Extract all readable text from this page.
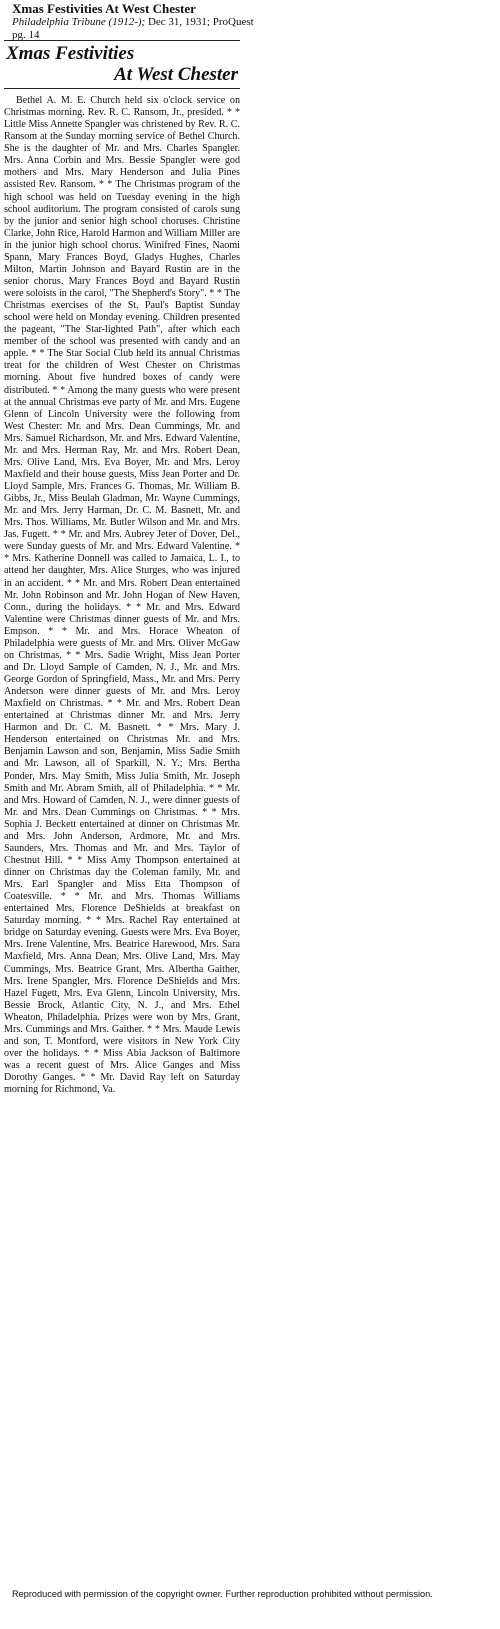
Xmas Festivities At West Chester
Philadelphia Tribune (1912-); Dec 31, 1931; ProQuest
pg. 14
Xmas Festivities
At West Chester

Bethel A. M. E. Church held six o'clock service on Christmas morning. Rev. R. C. Ransom, Jr., presided. * * Little Miss Annette Spangler was christened by Rev. R. C. Ransom at the Sunday morning service of Bethel Church. She is the daughter of Mr. and Mrs. Charles Spangler. Mrs. Anna Corbin and Mrs. Bessie Spangler were god mothers and Mrs. Mary Henderson and Julia Pines assisted Rev. Ransom. * * The Christmas program of the high school was held on Tuesday evening in the high school auditorium. The program consisted of carols sung by the junior and senior high school choruses. Christine Clarke, John Rice, Harold Harmon and William Miller are in the junior high school chorus. Winifred Fines, Naomi Spann, Mary Frances Boyd, Gladys Hughes, Charles Milton, Martin Johnson and Bayard Rustin are in the senior chorus. Mary Frances Boyd and Bayard Rustin were soloists in the carol, "The Shepherd's Story". * * The Christmas exercises of the St. Paul's Baptist Sunday school were held on Monday evening. Children presented the pageant, "The Star-lighted Path", after which each member of the school was presented with candy and an apple. * * The Star Social Club held its annual Christmas treat for the children of West Chester on Christmas morning. About five hundred boxes of candy were distributed. * * Among the many guests who were present at the annual Christmas eve party of Mr. and Mrs. Eugene Glenn of Lincoln University were the following from West Chester: Mr. and Mrs. Dean Cummings, Mr. and Mrs. Samuel Richardson, Mr. and Mrs. Edward Valentine, Mr. and Mrs. Herman Ray, Mr. and Mrs. Robert Dean, Mrs. Olive Land, Mrs. Eva Boyer, Mr. and Mrs. Leroy Maxfield and their house guests, Miss Jean Porter and Dr. Lloyd Sample, Mrs. Frances G. Thomas, Mr. William B. Gibbs, Jr., Miss Beulah Gladman, Mr. Wayne Cummings, Mr. and Mrs. Jerry Harman, Dr. C. M. Basnett, Mr. and Mrs. Thos. Williams, Mr. Butler Wilson and Mr. and Mrs. Jas. Fugett. * * Mr. and Mrs. Aubrey Jeter of Dover, Del., were Sunday guests of Mr. and Mrs. Edward Valentine. * * Mrs. Katherine Donnell was called to Jamaica, L. I., to attend her daughter, Mrs. Alice Sturges, who was injured in an accident. * * Mr. and Mrs. Robert Dean entertained Mr. John Robinson and Mr. John Hogan of New Haven, Conn., during the holidays. * * Mr. and Mrs. Edward Valentine were Christmas dinner guests of Mr. and Mrs. Empson. * * Mr. and Mrs. Horace Wheaton of Philadelphia were guests of Mr. and Mrs. Oliver McGaw on Christmas. * * Mrs. Sadie Wright, Miss Jean Porter and Dr. Lloyd Sample of Camden, N. J., Mr. and Mrs. George Gordon of Springfield, Mass., Mr. and Mrs. Perry Anderson were dinner guests of Mr. and Mrs. Leroy Maxfield on Christmas. * * Mr. and Mrs. Robert Dean entertained at Christmas dinner Mr. and Mrs. Jerry Harmon and Dr. C. M. Basnett. * * Mrs. Mary J. Henderson entertained on Christmas Mr. and Mrs. Benjamin Lawson and son, Benjamin, Miss Sadie Smith and Mr. Lawson, all of Sparkill, N. Y.; Mrs. Bertha Ponder, Mrs. May Smith, Miss Julia Smith, Mr. Joseph Smith and Mr. Abram Smith, all of Philadelphia. * * Mr. and Mrs. Howard of Camden, N. J., were dinner guests of Mr. and Mrs. Dean Cummings on Christmas. * * Mrs. Sophia J. Beckett entertained at dinner on Christmas Mr. and Mrs. John Anderson, Ardmore, Mr. and Mrs. Saunders, Mrs. Thomas and Mr. and Mrs. Taylor of Chestnut Hill. * * Miss Amy Thompson entertained at dinner on Christmas day the Coleman family, Mr. and Mrs. Earl Spangler and Miss Etta Thompson of Coatesville. * * Mr. and Mrs. Thomas Williams entertained Mrs. Florence DeShields at breakfast on Saturday morning. * * Mrs. Rachel Ray entertained at bridge on Saturday evening. Guests were Mrs. Eva Boyer, Mrs. Irene Valentine, Mrs. Beatrice Harewood, Mrs. Sara Maxfield, Mrs. Anna Dean, Mrs. Olive Land, Mrs. May Cummings, Mrs. Beatrice Grant, Mrs. Albertha Gaither, Mrs. Irene Spangler, Mrs. Florence DeShields and Mrs. Hazel Fugett, Mrs. Eva Glenn, Lincoln University, Mrs. Bessie Brock, Atlantic City, N. J., and Mrs. Ethel Wheaton, Philadelphia. Prizes were won by Mrs. Grant, Mrs. Cummings and Mrs. Gaither. * * Mrs. Maude Lewis and son, T. Montford, were visitors in New York City over the holidays. * * Miss Abia Jackson of Baltimore was a recent guest of Mrs. Alice Ganges and Miss Dorothy Ganges. * * Mr. David Ray left on Saturday morning for Richmond, Va.

Reproduced with permission of the copyright owner. Further reproduction prohibited without permission.
